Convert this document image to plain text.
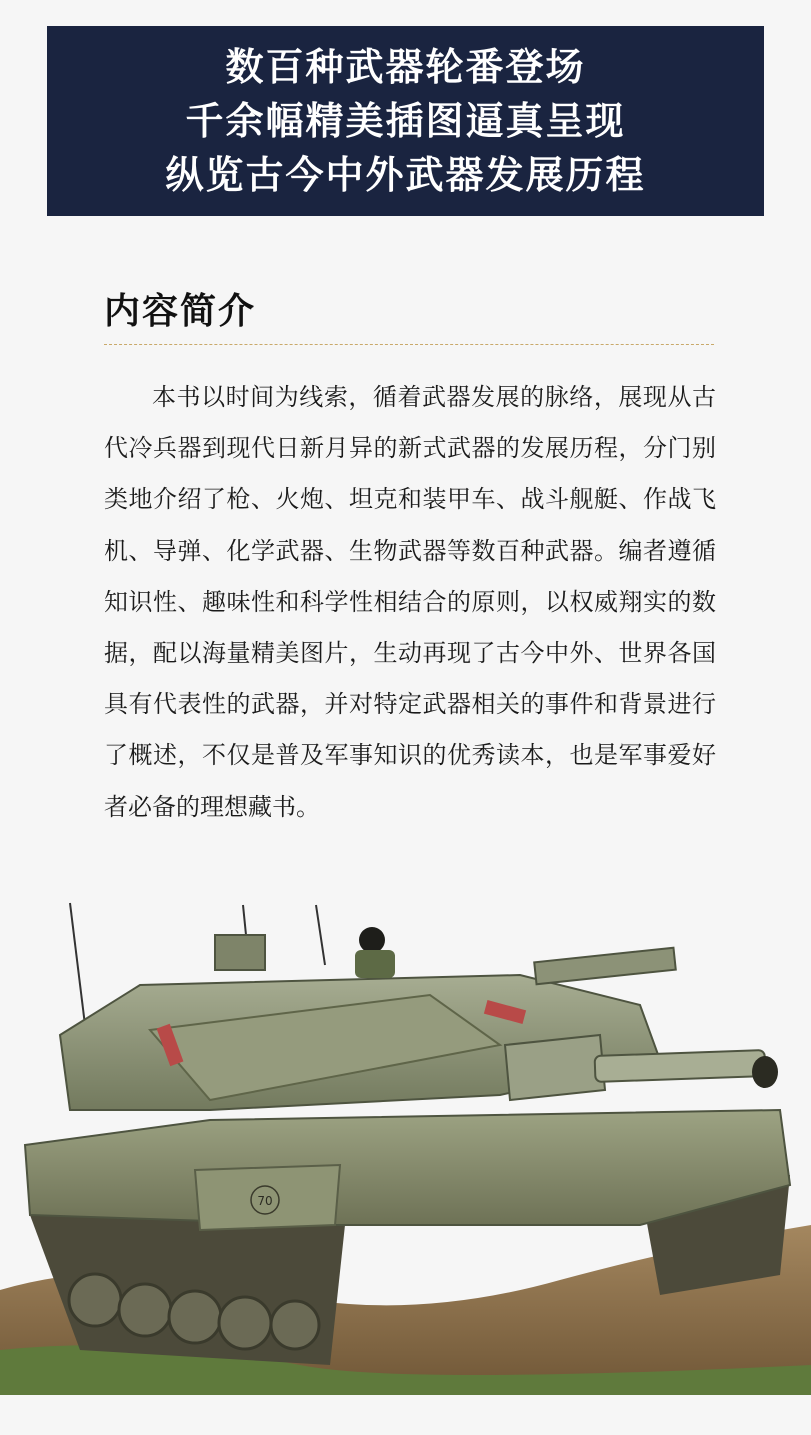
数百种武器轮番登场
千余幅精美插图逼真呈现
纵览古今中外武器发展历程
内容简介

本书以时间为线索，循着武器发展的脉络，展现从古代冷兵器到现代日新月异的新式武器的发展历程，分门别类地介绍了枪、火炮、坦克和装甲车、战斗舰艇、作战飞机、导弹、化学武器、生物武器等数百种武器。编者遵循知识性、趣味性和科学性相结合的原则，以权威翔实的数据，配以海量精美图片，生动再现了古今中外、世界各国具有代表性的武器，并对特定武器相关的事件和背景进行了概述，不仅是普及军事知识的优秀读本，也是军事爱好者必备的理想藏书。

70
